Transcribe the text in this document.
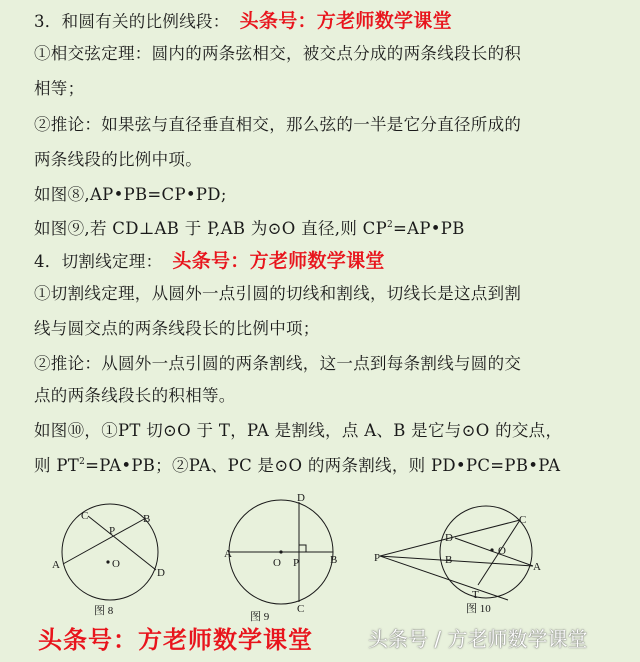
3．和圆有关的比例线段： 头条号：方老师数学课堂
①相交弦定理：圆内的两条弦相交，被交点分成的两条线段长的积
相等；
②推论：如果弦与直径垂直相交，那么弦的一半是它分直径所成的
两条线段的比例中项。
如图⑧,AP•PB=CP•PD;
如图⑨,若 CD⊥AB 于 P,AB 为⊙O 直径,则 $CP^2=AP•PB$
4．切割线定理： 头条号：方老师数学课堂
①切割线定理，从圆外一点引圆的切线和割线，切线长是这点到割
线与圆交点的两条线段长的比例中项；
②推论：从圆外一点引圆的两条割线，这一点到每条割线与圆的交
点的两条线段长的积相等。
如图⑩，①PT 切⊙O 于 T，PA 是割线，点 A、B 是它与⊙O 的交点，
则 $PT^2=PA•PB$；②PA、PC 是⊙O 的两条割线，则 PD•PC=PB•PA
A
B
C
D
P
O
图 8
A	B
C
D
P
O
图 9
P
D
C
B
A
T
O
图 10
头条号：方老师数学课堂	头条号 / 方老师数学课堂
